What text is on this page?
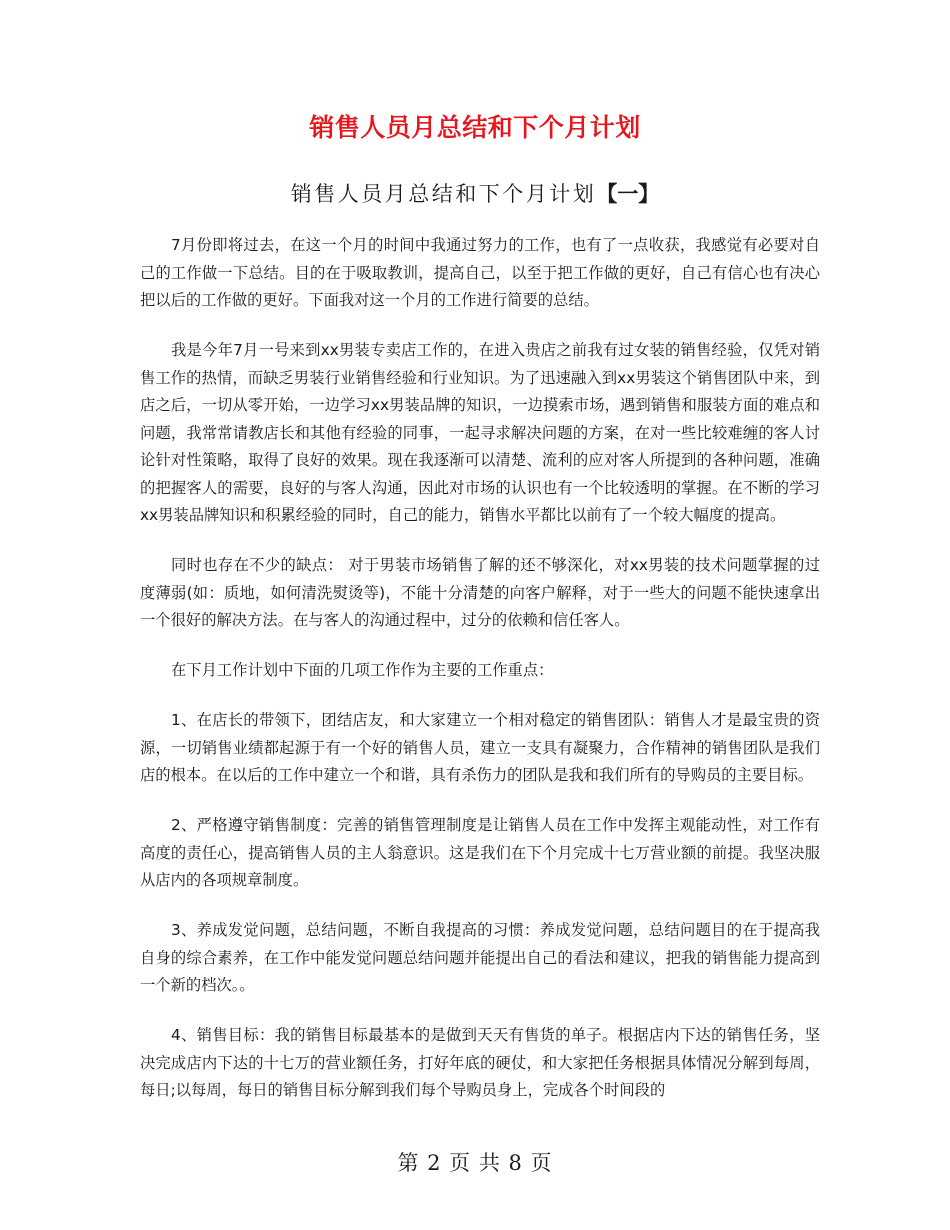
销售人员月总结和下个月计划
销售人员月总结和下个月计划【一】

7月份即将过去，在这一个月的时间中我通过努力的工作，也有了一点收获，我感觉有必要对自己的工作做一下总结。目的在于吸取教训，提高自己，以至于把工作做的更好，自己有信心也有决心把以后的工作做的更好。下面我对这一个月的工作进行简要的总结。

我是今年7月一号来到xx男装专卖店工作的，在进入贵店之前我有过女装的销售经验，仅凭对销售工作的热情，而缺乏男装行业销售经验和行业知识。为了迅速融入到xx男装这个销售团队中来，到店之后，一切从零开始，一边学习xx男装品牌的知识，一边摸索市场，遇到销售和服装方面的难点和问题，我常常请教店长和其他有经验的同事，一起寻求解决问题的方案，在对一些比较难缠的客人讨论针对性策略，取得了良好的效果。现在我逐渐可以清楚、流利的应对客人所提到的各种问题，准确的把握客人的需要，良好的与客人沟通，因此对市场的认识也有一个比较透明的掌握。在不断的学习xx男装品牌知识和积累经验的同时，自己的能力，销售水平都比以前有了一个较大幅度的提高。

同时也存在不少的缺点： 对于男装市场销售了解的还不够深化，对xx男装的技术问题掌握的过度薄弱(如：质地，如何清洗熨烫等)，不能十分清楚的向客户解释，对于一些大的问题不能快速拿出一个很好的解决方法。在与客人的沟通过程中，过分的依赖和信任客人。

在下月工作计划中下面的几项工作作为主要的工作重点：

1、在店长的带领下，团结店友，和大家建立一个相对稳定的销售团队：销售人才是最宝贵的资源，一切销售业绩都起源于有一个好的销售人员，建立一支具有凝聚力，合作精神的销售团队是我们店的根本。在以后的工作中建立一个和谐，具有杀伤力的团队是我和我们所有的导购员的主要目标。

2、严格遵守销售制度：完善的销售管理制度是让销售人员在工作中发挥主观能动性，对工作有高度的责任心，提高销售人员的主人翁意识。这是我们在下个月完成十七万营业额的前提。我坚决服从店内的各项规章制度。

3、养成发觉问题，总结问题，不断自我提高的习惯：养成发觉问题，总结问题目的在于提高我自身的综合素养，在工作中能发觉问题总结问题并能提出自己的看法和建议，把我的销售能力提高到一个新的档次。。

4、销售目标：我的销售目标最基本的是做到天天有售货的单子。根据店内下达的销售任务，坚决完成店内下达的十七万的营业额任务，打好年底的硬仗，和大家把任务根据具体情况分解到每周，每日;以每周，每日的销售目标分解到我们每个导购员身上，完成各个时间段的

第 2 页 共 8 页
